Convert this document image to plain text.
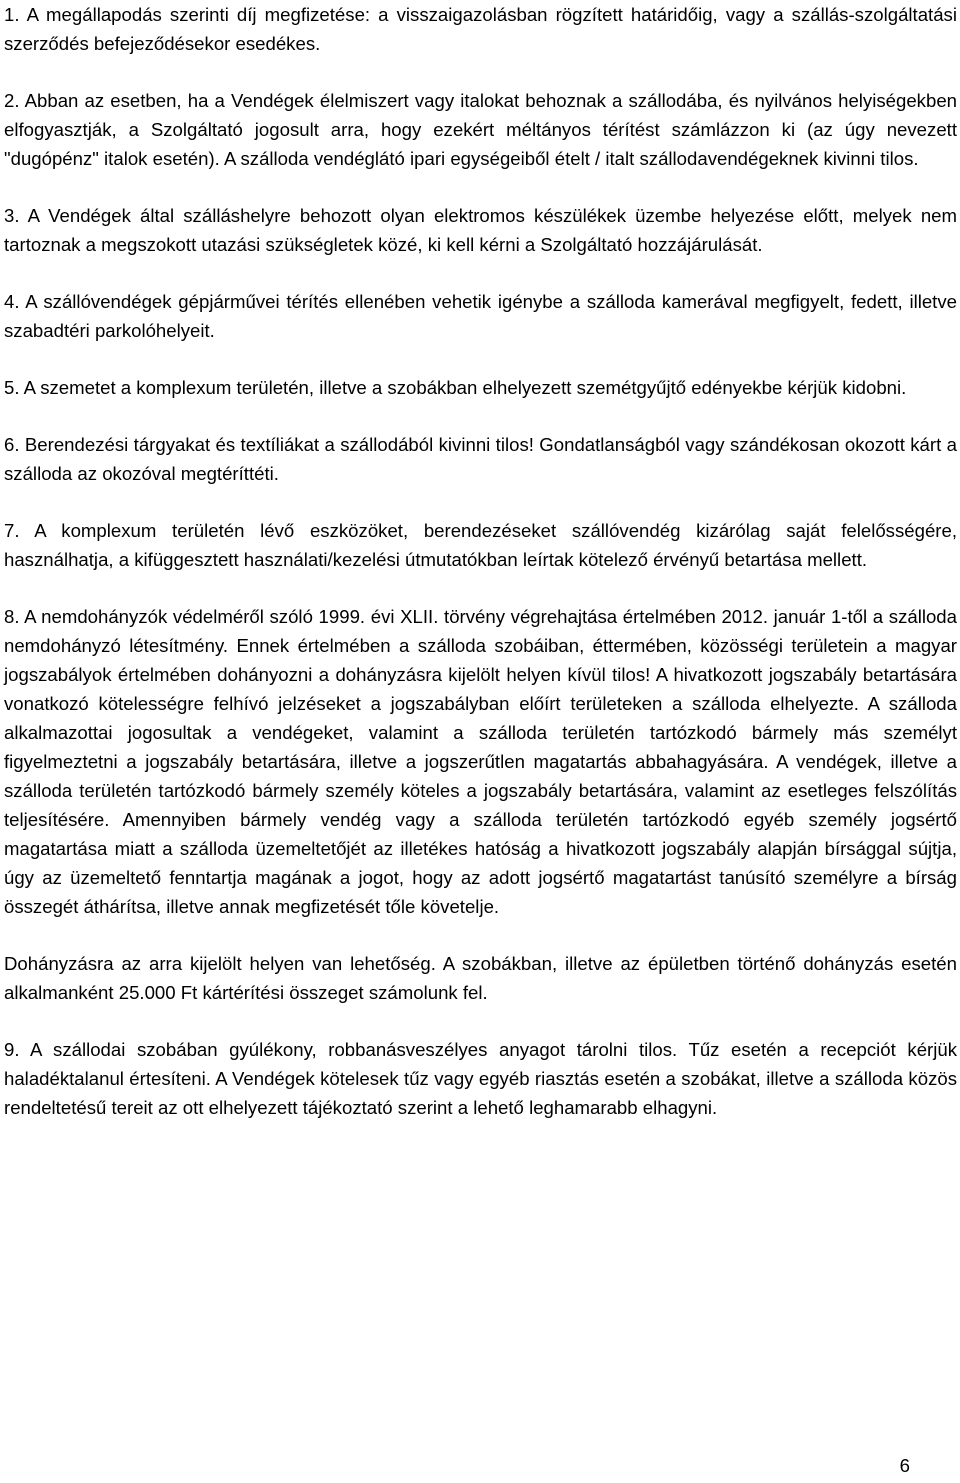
1. A megállapodás szerinti díj megfizetése: a visszaigazolásban rögzített határidőig, vagy a szállás-szolgáltatási szerződés befejeződésekor esedékes.

2. Abban az esetben, ha a Vendégek élelmiszert vagy italokat behoznak a szállodába, és nyilvános helyiségekben elfogyasztják, a Szolgáltató jogosult arra, hogy ezekért méltányos térítést számlázzon ki (az úgy nevezett "dugópénz" italok esetén). A szálloda vendéglátó ipari egységeiből ételt / italt szállodavendégeknek kivinni tilos.

3. A Vendégek által szálláshelyre behozott olyan elektromos készülékek üzembe helyezése előtt, melyek nem tartoznak a megszokott utazási szükségletek közé, ki kell kérni a Szolgáltató hozzájárulását.

4. A szállóvendégek gépjárművei térítés ellenében vehetik igénybe a szálloda kamerával megfigyelt, fedett, illetve szabadtéri parkolóhelyeit.

5. A szemetet a komplexum területén, illetve a szobákban elhelyezett szemétgyűjtő edényekbe kérjük kidobni.

6. Berendezési tárgyakat és textíliákat a szállodából kivinni tilos! Gondatlanságból vagy szándékosan okozott kárt a szálloda az okozóval megtéríttéti.

7. A komplexum területén lévő eszközöket, berendezéseket szállóvendég kizárólag saját felelősségére, használhatja, a kifüggesztett használati/kezelési útmutatókban leírtak kötelező érvényű betartása mellett.

8. A nemdohányzók védelméről szóló 1999. évi XLII. törvény végrehajtása értelmében 2012. január 1-től a szálloda nemdohányzó létesítmény. Ennek értelmében a szálloda szobáiban, éttermében, közösségi területein a magyar jogszabályok értelmében dohányozni a dohányzásra kijelölt helyen kívül tilos! A hivatkozott jogszabály betartására vonatkozó kötelességre felhívó jelzéseket a jogszabályban előírt területeken a szálloda elhelyezte. A szálloda alkalmazottai jogosultak a vendégeket, valamint a szálloda területén tartózkodó bármely más személyt figyelmeztetni a jogszabály betartására, illetve a jogszerűtlen magatartás abbahagyására. A vendégek, illetve a szálloda területén tartózkodó bármely személy köteles a jogszabály betartására, valamint az esetleges felszólítás teljesítésére. Amennyiben bármely vendég vagy a szálloda területén tartózkodó egyéb személy jogsértő magatartása miatt a szálloda üzemeltetőjét az illetékes hatóság a hivatkozott jogszabály alapján bírsággal sújtja, úgy az üzemeltető fenntartja magának a jogot, hogy az adott jogsértő magatartást tanúsító személyre a bírság összegét áthárítsa, illetve annak megfizetését tőle követelje.

Dohányzásra az arra kijelölt helyen van lehetőség. A szobákban, illetve az épületben történő dohányzás esetén alkalmanként 25.000 Ft kártérítési összeget számolunk fel.

9. A szállodai szobában gyúlékony, robbanásveszélyes anyagot tárolni tilos. Tűz esetén a recepciót kérjük haladéktalanul értesíteni. A Vendégek kötelesek tűz vagy egyéb riasztás esetén a szobákat, illetve a szálloda közös rendeltetésű tereit az ott elhelyezett tájékoztató szerint a lehető leghamarabb elhagyni.

6
